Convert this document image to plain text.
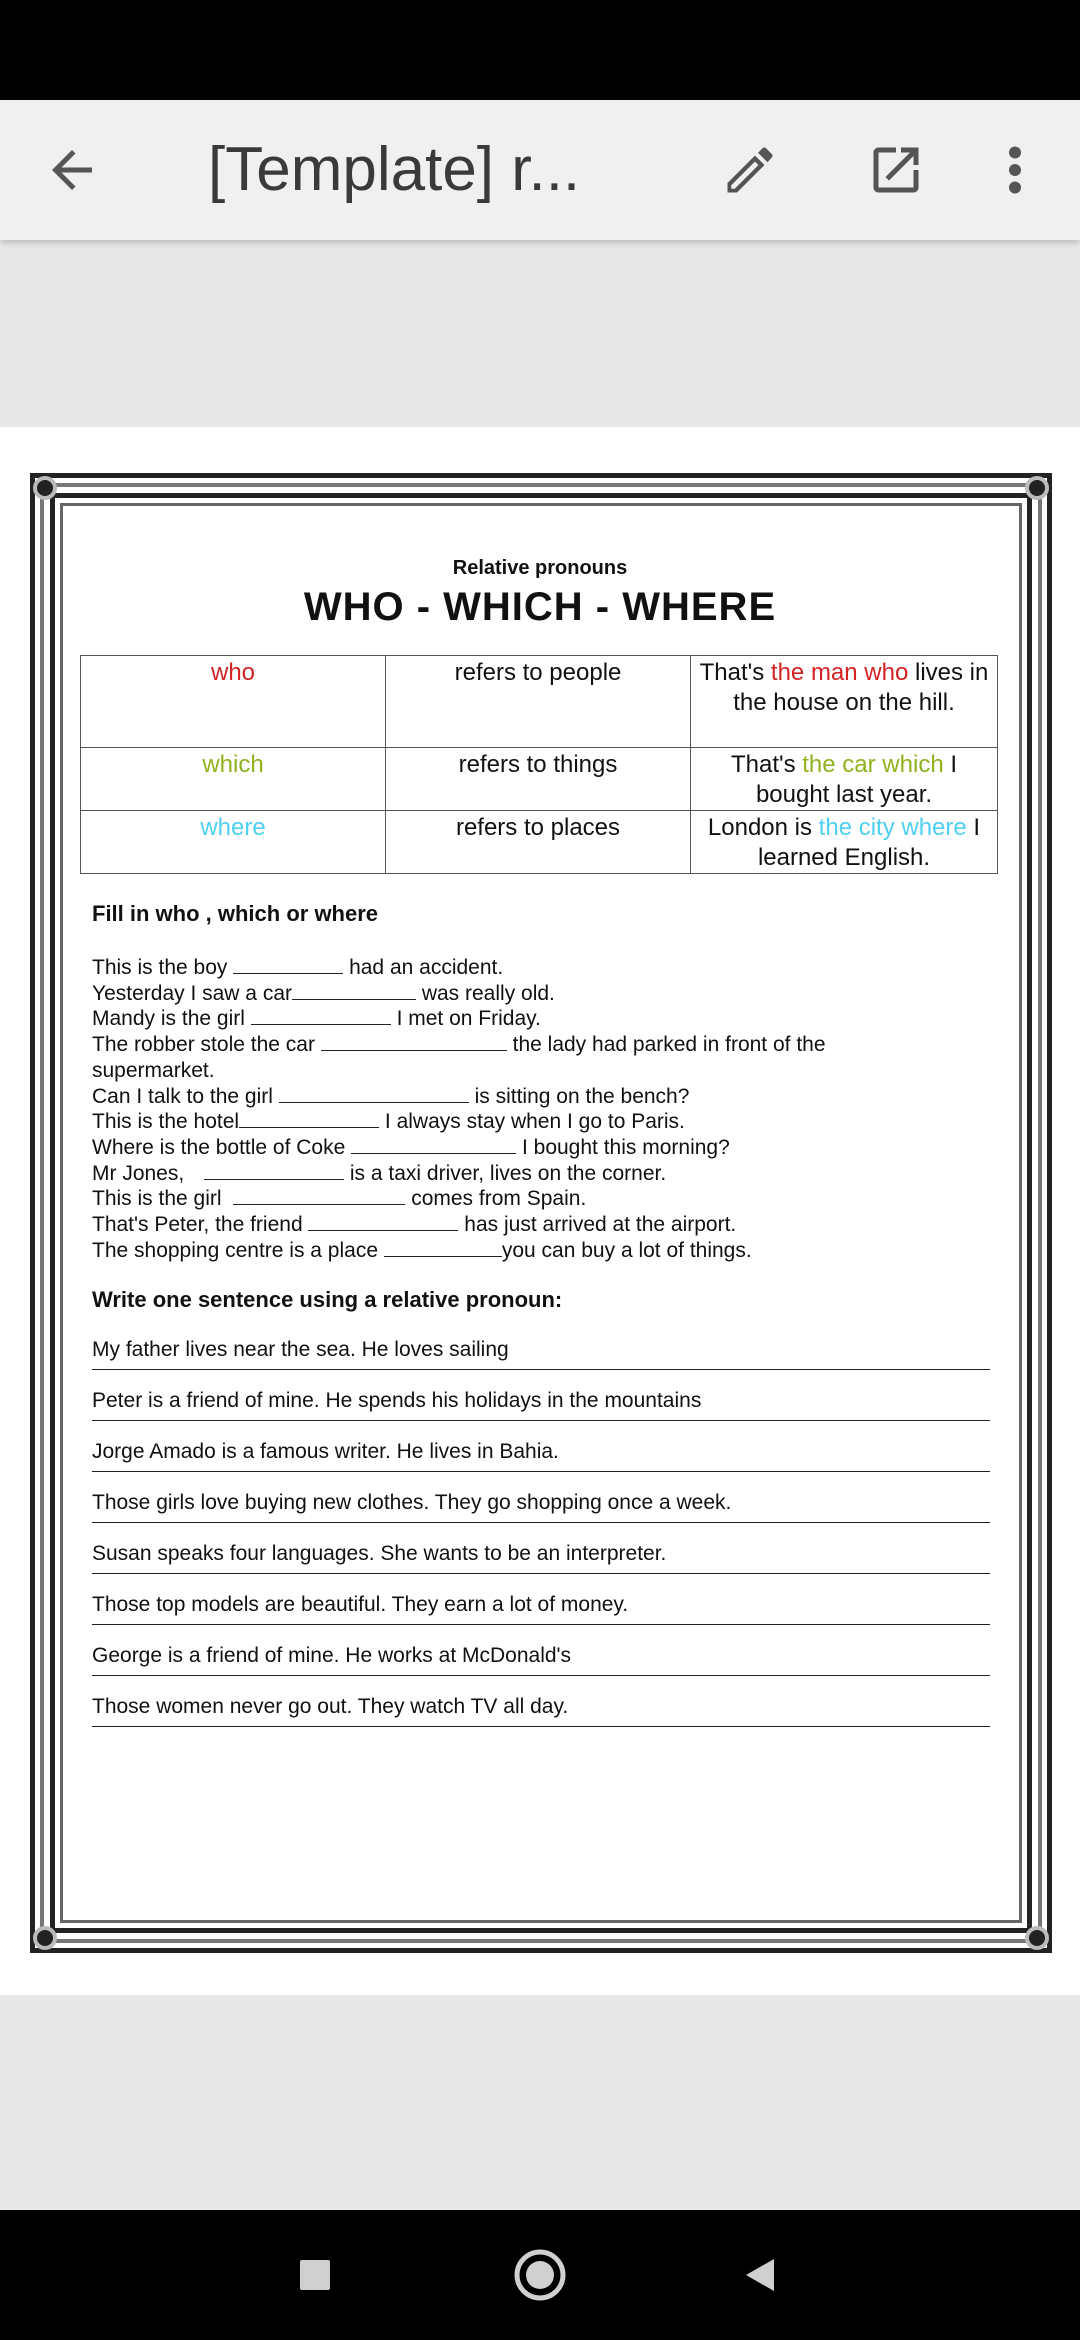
[Template] r...
Relative pronouns
WHO - WHICH - WHERE
who	refers to people	That's the man who lives in the house on the hill.
which	refers to things	That's the car which I bought last year.
where	refers to places	London is the city where I learned English.
Fill in who , which or where
This is the boy	had an accident.
Yesterday I saw a car	was really old.
Mandy is the girl	I met on Friday.
The robber stole the car	the lady had parked in front of the
supermarket.
Can I talk to the girl	is sitting on the bench?
This is the hotel	I always stay when I go to Paris.
Where is the bottle of Coke	I bought this morning?
Mr Jones,	is a taxi driver, lives on the corner.
This is the girl	comes from Spain.
That's Peter, the friend	has just arrived at the airport.
The shopping centre is a place	you can buy a lot of things.
Write one sentence using a relative pronoun:
My father lives near the sea. He loves sailing
Peter is a friend of mine. He spends his holidays in the mountains
Jorge Amado is a famous writer. He lives in Bahia.
Those girls love buying new clothes. They go shopping once a week.
Susan speaks four languages. She wants to be an interpreter.
Those top models are beautiful. They earn a lot of money.
George is a friend of mine. He works at McDonald's
Those women never go out. They watch TV all day.
